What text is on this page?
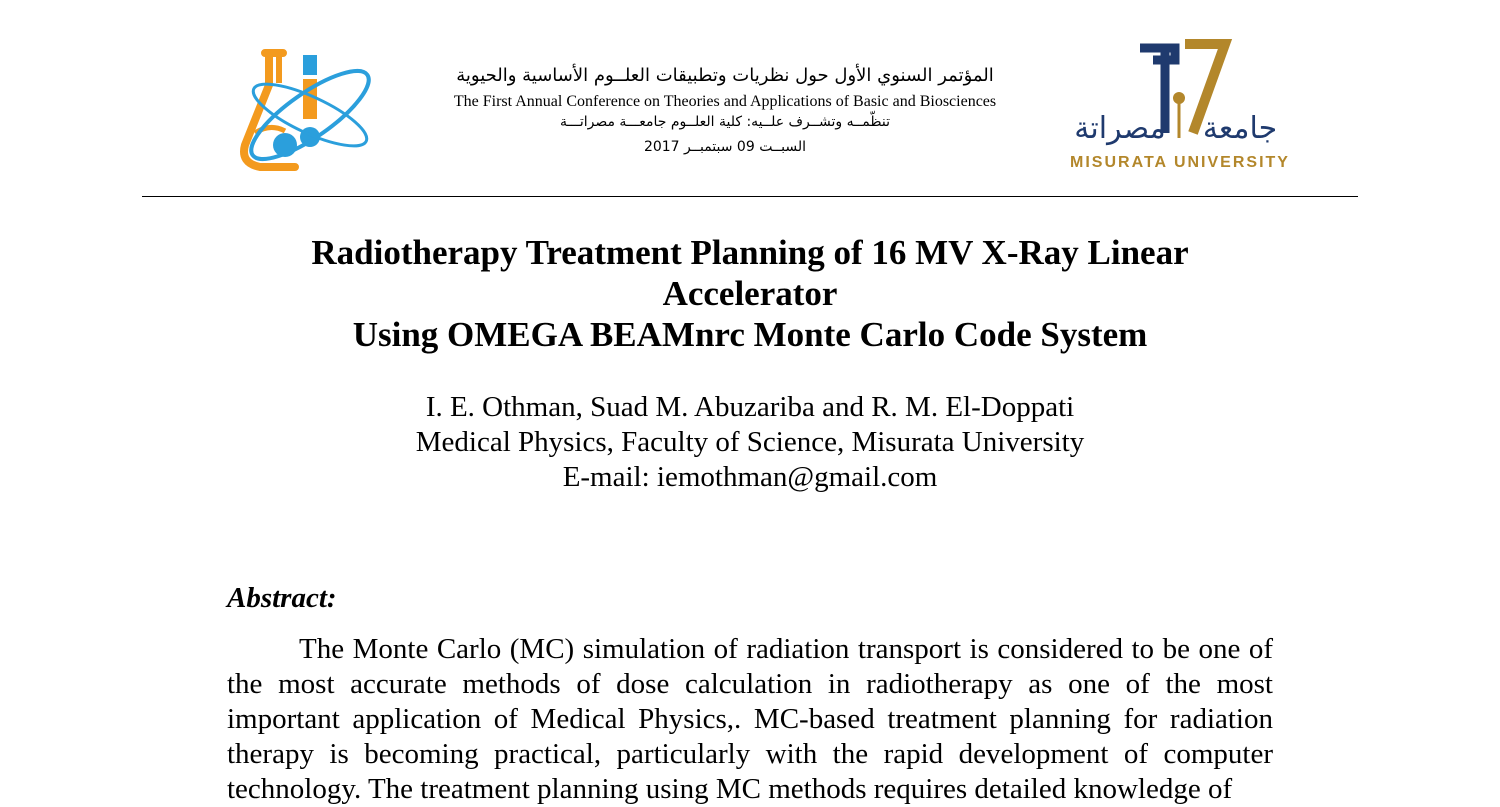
المؤتمر السنوي الأول حول نظريات وتطبيقات العلــوم الأساسية والحيوية
The First Annual Conference on Theories and Applications of Basic and Biosciences
تنظّمــه وتشــرف علــيه: كلية العلــوم جامعـــة مصراتـــة
السبــت 09 سبتمبــر 2017
مصراتة جامعة
MISURATA UNIVERSITY
Radiotherapy Treatment Planning of 16 MV X-Ray Linear
Accelerator
Using OMEGA BEAMnrc Monte Carlo Code System
I. E. Othman, Suad M. Abuzariba and R. M. El-Doppati
Medical Physics, Faculty of Science, Misurata University
E-mail: iemothman@gmail.com
Abstract:
The Monte Carlo (MC) simulation of radiation transport is considered to be one of the most accurate methods of dose calculation in radiotherapy as one of the most important application of Medical Physics,. MC-based treatment planning for radiation therapy is becoming practical, particularly with the rapid development of computer technology. The treatment planning using MC methods requires detailed knowledge of
